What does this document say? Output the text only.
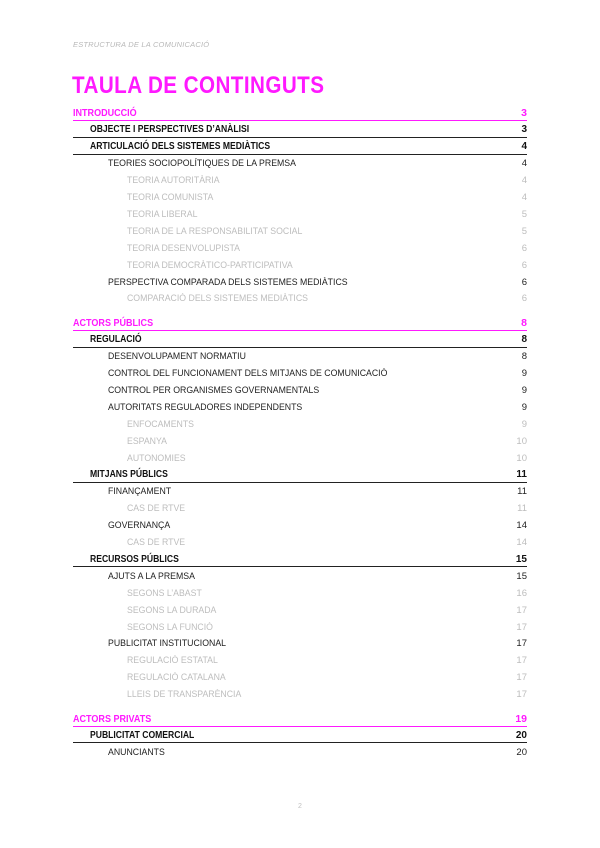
ESTRUCTURA DE LA COMUNICACIÓ
TAULA DE CONTINGUTS
INTRODUCCIÓ	3
OBJECTE I PERSPECTIVES D’ANÀLISI	3
ARTICULACIÓ DELS SISTEMES MEDIÀTICS	4
TEORIES SOCIOPOLÍTIQUES DE LA PREMSA	4
TEORIA AUTORITÀRIA	4
TEORIA COMUNISTA	4
TEORIA LIBERAL	5
TEORIA DE LA RESPONSABILITAT SOCIAL	5
TEORIA DESENVOLUPISTA	6
TEORIA DEMOCRÀTICO-PARTICIPATIVA	6
PERSPECTIVA COMPARADA DELS SISTEMES MEDIÀTICS	6
COMPARACIÓ DELS SISTEMES MEDIÀTICS	6
ACTORS PÚBLICS	8
REGULACIÓ	8
DESENVOLUPAMENT NORMATIU	8
CONTROL DEL FUNCIONAMENT DELS MITJANS DE COMUNICACIÓ	9
CONTROL PER ORGANISMES GOVERNAMENTALS	9
AUTORITATS REGULADORES INDEPENDENTS	9
ENFOCAMENTS	9
ESPANYA	10
AUTONOMIES	10
MITJANS PÚBLICS	11
FINANÇAMENT	11
CAS DE RTVE	11
GOVERNANÇA	14
CAS DE RTVE	14
RECURSOS PÚBLICS	15
AJUTS A LA PREMSA	15
SEGONS L’ABAST	16
SEGONS LA DURADA	17
SEGONS LA FUNCIÓ	17
PUBLICITAT INSTITUCIONAL	17
REGULACIÓ ESTATAL	17
REGULACIÓ CATALANA	17
LLEIS DE TRANSPARÈNCIA	17
ACTORS PRIVATS	19
PUBLICITAT COMERCIAL	20
ANUNCIANTS	20
2
